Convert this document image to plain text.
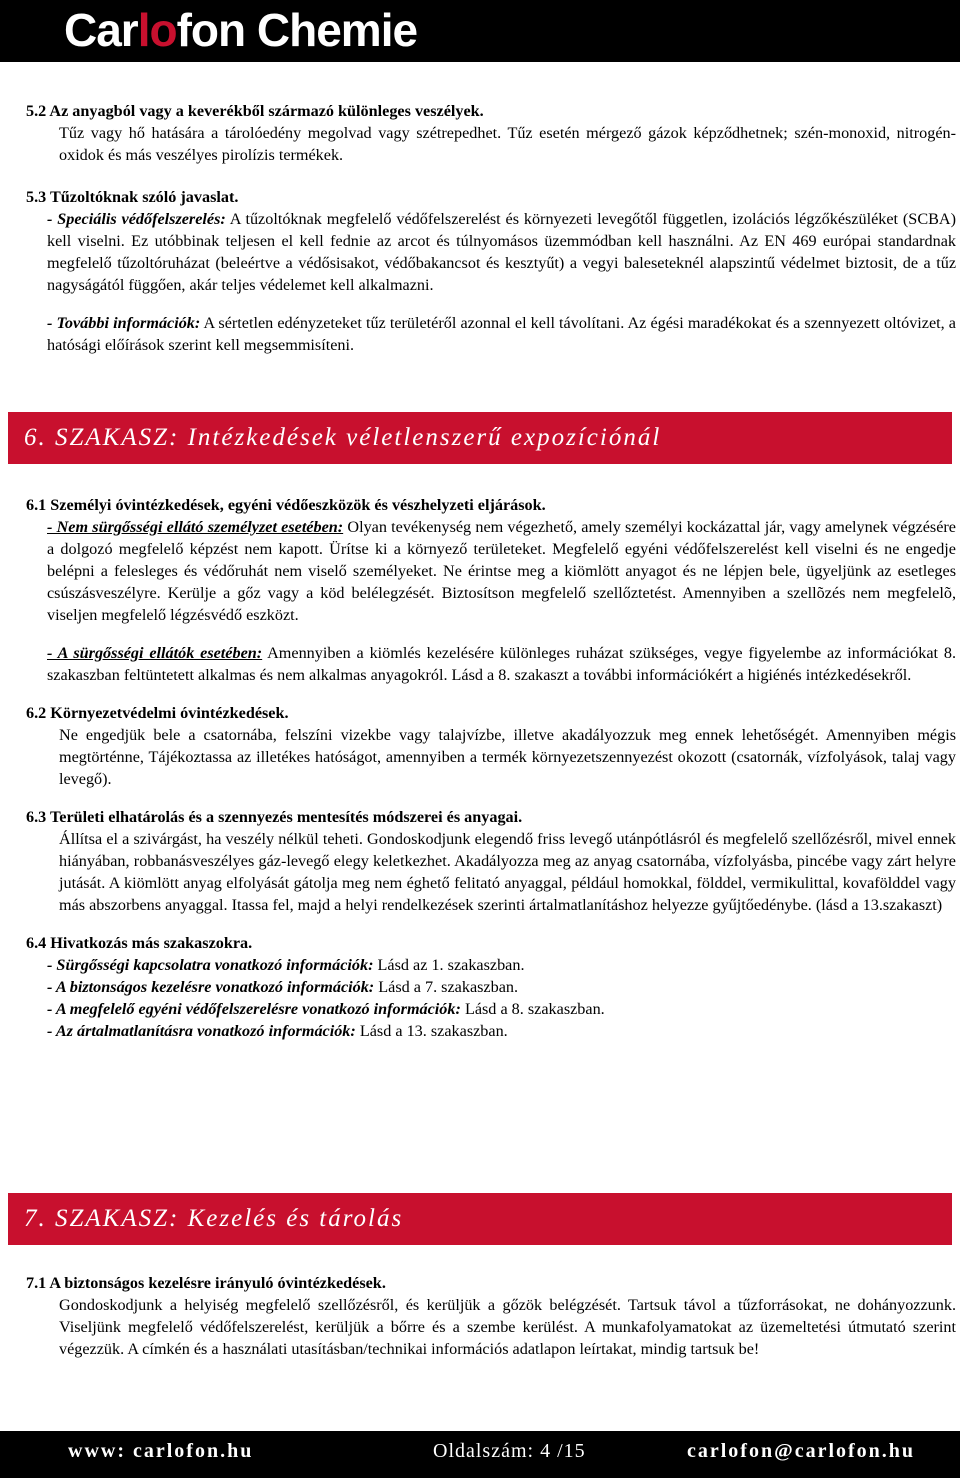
Carlofon Chemie

5.2 Az anyagból vagy a keverékből származó különleges veszélyek.

Tűz vagy hő hatására a tárolóedény megolvad vagy szétrepedhet. Tűz esetén mérgező gázok képződhetnek; szén-monoxid, nitrogén-oxidok és más veszélyes pirolízis termékek.

5.3 Tűzoltóknak szóló javaslat.

- Speciális védőfelszerelés: A tűzoltóknak megfelelő védőfelszerelést és környezeti levegőtől független, izolációs légzőkészüléket (SCBA) kell viselni. Ez utóbbinak teljesen el kell fednie az arcot és túlnyomásos üzemmódban kell használni. Az EN 469 európai standardnak megfelelő tűzoltóruházat (beleértve a védősisakot, védőbakancsot és kesztyűt) a vegyi baleseteknél alapszintű védelmet biztosit, de a tűz nagyságától függően, akár teljes védelemet kell alkalmazni.

- További információk: A sértetlen edényzeteket tűz területéről azonnal el kell távolítani. Az égési maradékokat és a szennyezett oltóvizet, a hatósági előírások szerint kell megsemmisíteni.

6. SZAKASZ: Intézkedések véletlenszerű expozíciónál

6.1 Személyi óvintézkedések, egyéni védőeszközök és vészhelyzeti eljárások.

- Nem sürgősségi ellátó személyzet esetében: Olyan tevékenység nem végezhető, amely személyi kockázattal jár, vagy amelynek végzésére a dolgozó megfelelő képzést nem kapott. Ürítse ki a környező területeket. Megfelelő egyéni védőfelszerelést kell viselni és ne engedje belépni a felesleges és védőruhát nem viselő személyeket. Ne érintse meg a kiömlött anyagot és ne lépjen bele, ügyeljünk az esetleges csúszásveszélyre. Kerülje a gőz vagy a köd belélegzését. Biztosítson megfelelő szellőztetést. Amennyiben a szellõzés nem megfelelõ, viseljen megfelelő légzésvédő eszközt.

- A sürgősségi ellátók esetében: Amennyiben a kiömlés kezelésére különleges ruházat szükséges, vegye figyelembe az információkat 8. szakaszban feltüntetett alkalmas és nem alkalmas anyagokról. Lásd a 8. szakaszt a további információkért a higiénés intézkedésekről.

6.2 Környezetvédelmi óvintézkedések.

Ne engedjük bele a csatornába, felszíni vizekbe vagy talajvízbe, illetve akadályozzuk meg ennek lehetőségét. Amennyiben mégis megtörténne, Tájékoztassa az illetékes hatóságot, amennyiben a termék környezetszennyezést okozott (csatornák, vízfolyások, talaj vagy levegő).

6.3 Területi elhatárolás és a szennyezés mentesítés módszerei és anyagai.

Állítsa el a szivárgást, ha veszély nélkül teheti. Gondoskodjunk elegendő friss levegő utánpótlásról és megfelelő szellőzésről, mivel ennek hiányában, robbanásveszélyes gáz-levegő elegy keletkezhet. Akadályozza meg az anyag csatornába, vízfolyásba, pincébe vagy zárt helyre jutását. A kiömlött anyag elfolyását gátolja meg nem éghető felitató anyaggal, például homokkal, földdel, vermikulittal, kovafölddel vagy más abszorbens anyaggal. Itassa fel, majd a helyi rendelkezések szerinti ártalmatlanításhoz helyezze gyűjtőedénybe. (lásd a 13.szakaszt)

6.4 Hivatkozás más szakaszokra.

- Sürgősségi kapcsolatra vonatkozó információk: Lásd az 1. szakaszban.

- A biztonságos kezelésre vonatkozó információk: Lásd a 7. szakaszban.

- A megfelelő egyéni védőfelszerelésre vonatkozó információk: Lásd a 8. szakaszban.

- Az ártalmatlanításra vonatkozó információk: Lásd a 13. szakaszban.

7. SZAKASZ: Kezelés és tárolás

7.1 A biztonságos kezelésre irányuló óvintézkedések.

Gondoskodjunk a helyiség megfelelő szellőzésről, és kerüljük a gőzök belégzését. Tartsuk távol a tűzforrásokat, ne dohányozzunk. Viseljünk megfelelő védőfelszerelést, kerüljük a bőrre és a szembe kerülést. A munkafolyamatokat az üzemeltetési útmutató szerint végezzük. A címkén és a használati utasításban/technikai információs adatlapon leírtakat, mindig tartsuk be!

www: carlofon.hu	Oldalszám: 4 /15	carlofon@carlofon.hu
